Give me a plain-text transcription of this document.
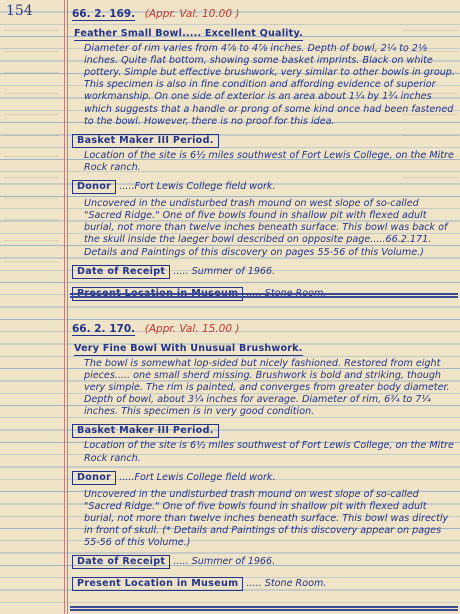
154	66. 2. 169. (Appr. Val. 10.00 )
Feather Small Bowl..... Excellent Quality.
Diameter of rim varies from 4⅞ to 4⅞ inches. Depth of bowl, 2¼ to 2⅛ inches. Quite flat bottom, showing some basket imprints. Black on white pottery. Simple but effective brushwork, very similar to other bowls in group. This specimen is also in fine condition and affording evidence of superior workmanship. On one side of exterior is an area about 1¼ by 1¾ inches which suggests that a handle or prong of some kind once had been fastened to the bowl. However, there is no proof for this idea.
Basket Maker III Period.
Location of the site is 6½ miles southwest of Fort Lewis College, on the Mitre Rock ranch.
Donor .....Fort Lewis College field work.
Uncovered in the undisturbed trash mound on west slope of so-called "Sacred Ridge." One of five bowls found in shallow pit with flexed adult burial, not more than twelve inches beneath surface. This bowl was back of the skull inside the laeger bowl described on opposite page.....66.2.171. Details and Paintings of this discovery on pages 55-56 of this Volume.)
Date of Receipt ..... Summer of 1966.
66. 2. 170. (Appr. Val. 15.00 )
Very Fine Bowl With Unusual Brushwork.
The bowl is somewhat lop-sided but nicely fashioned. Restored from eight pieces..... one small sherd missing. Brushwork is bold and striking, though very simple. The rim is painted, and converges from greater body diameter. Depth of bowl, about 3¼ inches for average. Diameter of rim, 6¾ to 7¼ inches. This specimen is in very good condition.
Basket Maker III Period.
Location of the site is 6½ miles southwest of Fort Lewis College, on the Mitre Rock ranch.
Donor .....Fort Lewis College field work.
Uncovered in the undisturbed trash mound on west slope of so-called "Sacred Ridge." One of five bowls found in shallow pit with flexed adult burial, not more than twelve inches beneath surface. This bowl was directly in front of skull. (* Details and Paintings of this discovery appear on pages 55-56 of this Volume.)
Date of Receipt ..... Summer of 1966.
Present Location in Museum ..... Stone Room.
